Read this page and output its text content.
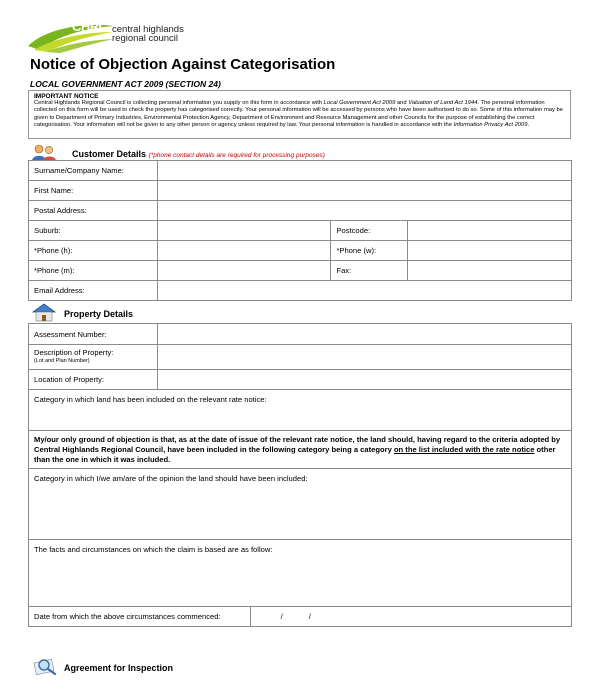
CHRC central highlands
regional council
Notice of Objection Against Categorisation
LOCAL GOVERNMENT ACT 2009 (SECTION 24)
IMPORTANT NOTICE
Central Highlands Regional Council is collecting personal information you supply on this form in accordance with Local Government Act 2009 and Valuation of Land Act 1944. The personal information collected on this form will be used to check the property has categorised correctly. Your personal information will be accessed by persons who have been authorised to do so. Some of this information may be given to Department of Primary Industries, Environmental Protection Agency, Department of Environment and Resource Management and other Councils for the purpose of establishing the correct categorisation. Your information will not be given to any other person or agency unless required by law. Your personal information is handled in accordance with the Information Privacy Act 2009.
Customer Details (*phone contact details are required for processing purposes)
Surname/Company Name:			
First Name:			
Postal Address:			
Suburb:		Postcode:	
*Phone (h):		*Phone (w):	
*Phone (m):		Fax:	
Email Address:			
Property Details
Assessment Number:		

Description of Property:
(Lot and Plan Number)		

Location of Property:		
Category in which land has been included on the relevant rate notice:		
My/our only ground of objection is that, as at the date of issue of the relevant rate notice, the land should, having regard to the criteria adopted by Central Highlands Regional Council, have been included in the following category being a category on the list included with the rate notice other than the one in which it was included.		
Category in which I/we am/are of the opinion the land should have been included:		
The facts and circumstances on which the claim is based are as follow:		
Date from which the above circumstances commenced:		/ /
Agreement for Inspection
